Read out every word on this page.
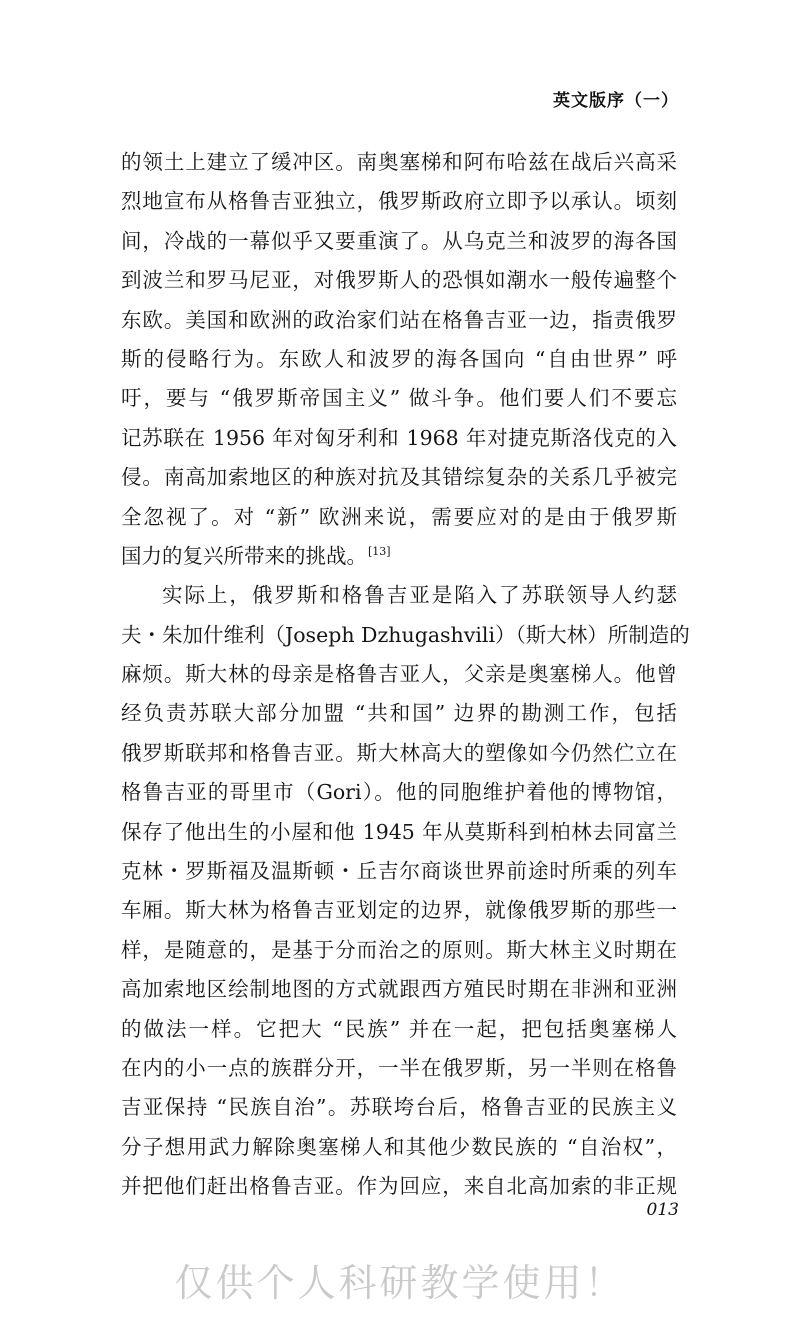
英文版序（一）
的领土上建立了缓冲区。南奥塞梯和阿布哈兹在战后兴高采
烈地宣布从格鲁吉亚独立，俄罗斯政府立即予以承认。顷刻
间，冷战的一幕似乎又要重演了。从乌克兰和波罗的海各国
到波兰和罗马尼亚，对俄罗斯人的恐惧如潮水一般传遍整个
东欧。美国和欧洲的政治家们站在格鲁吉亚一边，指责俄罗
斯的侵略行为。东欧人和波罗的海各国向 “自由世界” 呼
吁，要与 “俄罗斯帝国主义” 做斗争。他们要人们不要忘
记苏联在 1956 年对匈牙利和 1968 年对捷克斯洛伐克的入
侵。南高加索地区的种族对抗及其错综复杂的关系几乎被完
全忽视了。对 “新” 欧洲来说，需要应对的是由于俄罗斯
国力的复兴所带来的挑战。[13]
实际上，俄罗斯和格鲁吉亚是陷入了苏联领导人约瑟
夫・朱加什维利（Joseph Dzhugashvili）（斯大林）所制造的
麻烦。斯大林的母亲是格鲁吉亚人，父亲是奥塞梯人。他曾
经负责苏联大部分加盟 “共和国” 边界的勘测工作，包括
俄罗斯联邦和格鲁吉亚。斯大林高大的塑像如今仍然伫立在
格鲁吉亚的哥里市（Gori）。他的同胞维护着他的博物馆，
保存了他出生的小屋和他 1945 年从莫斯科到柏林去同富兰
克林・罗斯福及温斯顿・丘吉尔商谈世界前途时所乘的列车
车厢。斯大林为格鲁吉亚划定的边界，就像俄罗斯的那些一
样，是随意的，是基于分而治之的原则。斯大林主义时期在
高加索地区绘制地图的方式就跟西方殖民时期在非洲和亚洲
的做法一样。它把大 “民族” 并在一起，把包括奥塞梯人
在内的小一点的族群分开，一半在俄罗斯，另一半则在格鲁
吉亚保持 “民族自治”。苏联垮台后，格鲁吉亚的民族主义
分子想用武力解除奥塞梯人和其他少数民族的 “自治权”，
并把他们赶出格鲁吉亚。作为回应，来自北高加索的非正规
013
仅供个人科研教学使用！
